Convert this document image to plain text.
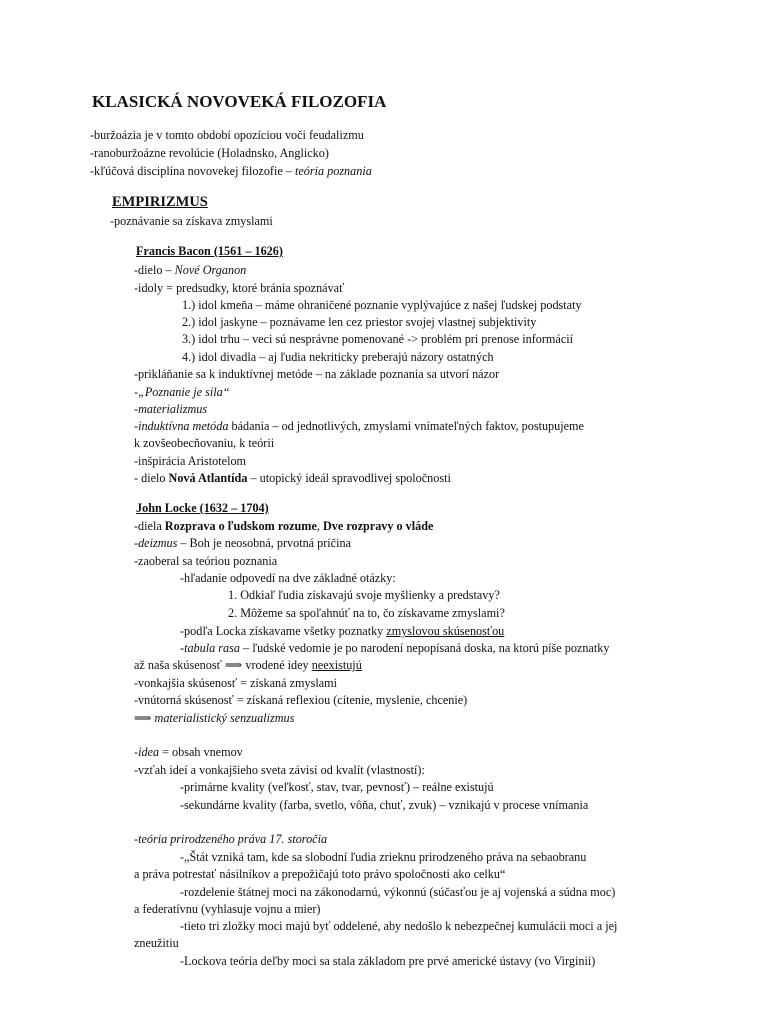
KLASICKÁ NOVOVEKÁ FILOZOFIA
-buržoázia je v tomto období opozíciou voči feudalizmu
-ranoburžoázne revolúcie (Holadnsko, Anglicko)
-kľúčová disciplína novovekej filozofie – teória poznania
EMPIRIZMUS
-poznávanie sa získava zmyslami
Francis Bacon (1561 – 1626)
-dielo – Nové Organon
-idoly = predsudky, ktoré bránia spoznávať
1.) idol kmeňa – máme ohraničené poznanie vyplývajúce z našej ľudskej podstaty
2.) idol jaskyne – poznávame len cez priestor svojej vlastnej subjektivity
3.) idol trhu – veci sú nesprávne pomenované -> problém pri prenose informácií
4.) idol divadla – aj ľudia nekriticky preberajú názory ostatných
-prikláňanie sa k induktívnej metóde – na základe poznania sa utvorí názor
-„Poznanie je sila“
-materializmus
-induktívna metóda bádania – od jednotlivých, zmyslami vnímateľných faktov, postupujeme
k zovšeobecňovaniu, k teórii
-inšpirácia Aristotelom
- dielo Nová Atlantída – utopický ideál spravodlivej spoločnosti
John Locke (1632 – 1704)
-diela Rozprava o ľudskom rozume, Dve rozpravy o vláde
-deizmus – Boh je neosobná, prvotná príčina
-zaoberal sa teóriou poznania
-hľadanie odpovedí na dve základné otázky:
1. Odkiaľ ľudia získavajú svoje myšlienky a predstavy?
2. Môžeme sa spoľahnúť na to, čo získavame zmyslami?
-podľa Locka získavame všetky poznatky zmyslovou skúsenosťou
-tabula rasa – ľudské vedomie je po narodení nepopísaná doska, na ktorú píše poznatky
až naša skúsenosť ⟹ vrodené idey neexistujú
-vonkajšia skúsenosť = získaná zmyslami
-vnútorná skúsenosť = získaná reflexiou (cítenie, myslenie, chcenie)
⟹ materialistický senzualizmus
-idea = obsah vnemov
-vzťah ideí a vonkajšieho sveta závisí od kvalít (vlastností):
-primárne kvality (veľkosť, stav, tvar, pevnosť) – reálne existujú
-sekundárne kvality (farba, svetlo, vôňa, chuť, zvuk) – vznikajú v procese vnímania
-teória prirodzeného práva 17. storočia
-„Štát vzniká tam, kde sa slobodní ľudia zrieknu prirodzeného práva na sebaobranu
a práva potrestať násilníkov a prepožičajú toto právo spoločnosti ako celku“
-rozdelenie štátnej moci na zákonodarnú, výkonnú (súčasťou je aj vojenská a súdna moc)
a federatívnu (vyhlasuje vojnu a mier)
-tieto tri zložky moci majú byť oddelené, aby nedošlo k nebezpečnej kumulácii moci a jej
zneužitiu
-Lockova teória deľby moci sa stala základom pre prvé americké ústavy (vo Virginii)
